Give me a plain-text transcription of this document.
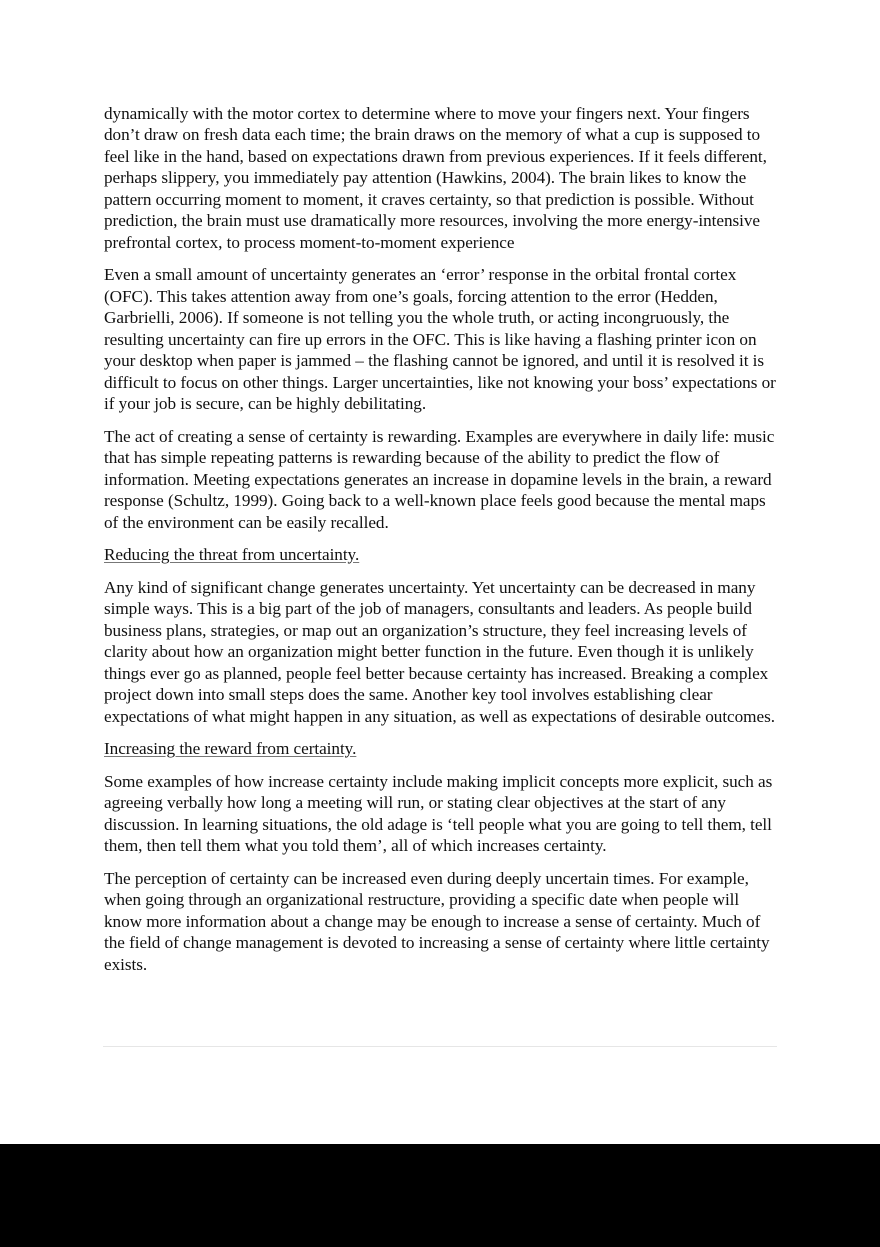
dynamically with the motor cortex to determine where to move your fingers next. Your fingers don’t draw on fresh data each time; the brain draws on the memory of what a cup is supposed to feel like in the hand, based on expectations drawn from previous experiences. If it feels different, perhaps slippery, you immediately pay attention (Hawkins, 2004). The brain likes to know the pattern occurring moment to moment, it craves certainty, so that prediction is possible. Without prediction, the brain must use dramatically more resources, involving the more energy-intensive prefrontal cortex, to process moment-to-moment experience

Even a small amount of uncertainty generates an ‘error’ response in the orbital frontal cortex (OFC). This takes attention away from one’s goals, forcing attention to the error (Hedden, Garbrielli, 2006). If someone is not telling you the whole truth, or acting incongruously, the resulting uncertainty can fire up errors in the OFC. This is like having a flashing printer icon on your desktop when paper is jammed – the flashing cannot be ignored, and until it is resolved it is difficult to focus on other things. Larger uncertainties, like not knowing your boss’ expectations or if your job is secure, can be highly debilitating.

The act of creating a sense of certainty is rewarding. Examples are everywhere in daily life: music that has simple repeating patterns is rewarding because of the ability to predict the flow of information. Meeting expectations generates an increase in dopamine levels in the brain, a reward response (Schultz, 1999). Going back to a well-known place feels good because the mental maps of the environment can be easily recalled.

Reducing the threat from uncertainty.

Any kind of significant change generates uncertainty. Yet uncertainty can be decreased in many simple ways. This is a big part of the job of managers, consultants and leaders. As people build business plans, strategies, or map out an organization’s structure, they feel increasing levels of clarity about how an organization might better function in the future. Even though it is unlikely things ever go as planned, people feel better because certainty has increased. Breaking a complex project down into small steps does the same. Another key tool involves establishing clear expectations of what might happen in any situation, as well as expectations of desirable outcomes.

Increasing the reward from certainty.

Some examples of how increase certainty include making implicit concepts more explicit, such as agreeing verbally how long a meeting will run, or stating clear objectives at the start of any discussion. In learning situations, the old adage is ‘tell people what you are going to tell them, tell them, then tell them what you told them’, all of which increases certainty.

The perception of certainty can be increased even during deeply uncertain times. For example, when going through an organizational restructure, providing a specific date when people will know more information about a change may be enough to increase a sense of certainty. Much of the field of change management is devoted to increasing a sense of certainty where little certainty exists.
